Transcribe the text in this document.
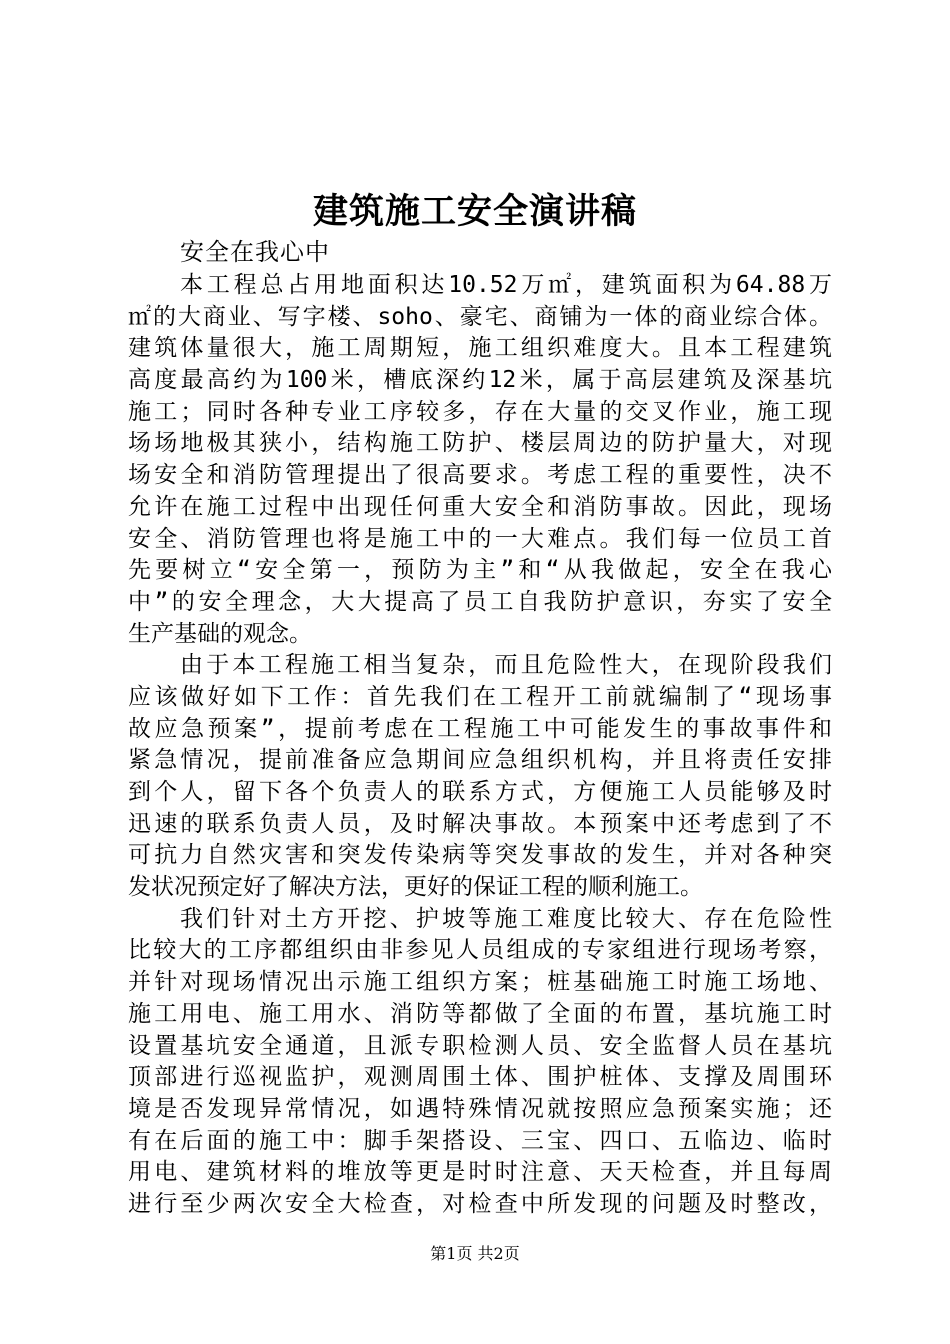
建筑施工安全演讲稿
安全在我心中
本工程总占用地面积达10.52万㎡，建筑面积为64.88万
㎡的大商业、写字楼、soho、豪宅、商铺为一体的商业综合体。
建筑体量很大，施工周期短，施工组织难度大。且本工程建筑
高度最高约为100米，槽底深约12米，属于高层建筑及深基坑
施工；同时各种专业工序较多，存在大量的交叉作业，施工现
场场地极其狭小，结构施工防护、楼层周边的防护量大，对现
场安全和消防管理提出了很高要求。考虑工程的重要性，决不
允许在施工过程中出现任何重大安全和消防事故。因此，现场
安全、消防管理也将是施工中的一大难点。我们每一位员工首
先要树立“安全第一，预防为主”和“从我做起，安全在我心
中”的安全理念，大大提高了员工自我防护意识，夯实了安全
生产基础的观念。
由于本工程施工相当复杂，而且危险性大，在现阶段我们
应该做好如下工作：首先我们在工程开工前就编制了“现场事
故应急预案”，提前考虑在工程施工中可能发生的事故事件和
紧急情况，提前准备应急期间应急组织机构，并且将责任安排
到个人，留下各个负责人的联系方式，方便施工人员能够及时
迅速的联系负责人员，及时解决事故。本预案中还考虑到了不
可抗力自然灾害和突发传染病等突发事故的发生，并对各种突
发状况预定好了解决方法，更好的保证工程的顺利施工。
我们针对土方开挖、护坡等施工难度比较大、存在危险性
比较大的工序都组织由非参见人员组成的专家组进行现场考察，
并针对现场情况出示施工组织方案；桩基础施工时施工场地、
施工用电、施工用水、消防等都做了全面的布置，基坑施工时
设置基坑安全通道，且派专职检测人员、安全监督人员在基坑
顶部进行巡视监护，观测周围土体、围护桩体、支撑及周围环
境是否发现异常情况，如遇特殊情况就按照应急预案实施；还
有在后面的施工中：脚手架搭设、三宝、四口、五临边、临时
用电、建筑材料的堆放等更是时时注意、天天检查，并且每周
进行至少两次安全大检查，对检查中所发现的问题及时整改，
第1页 共2页
